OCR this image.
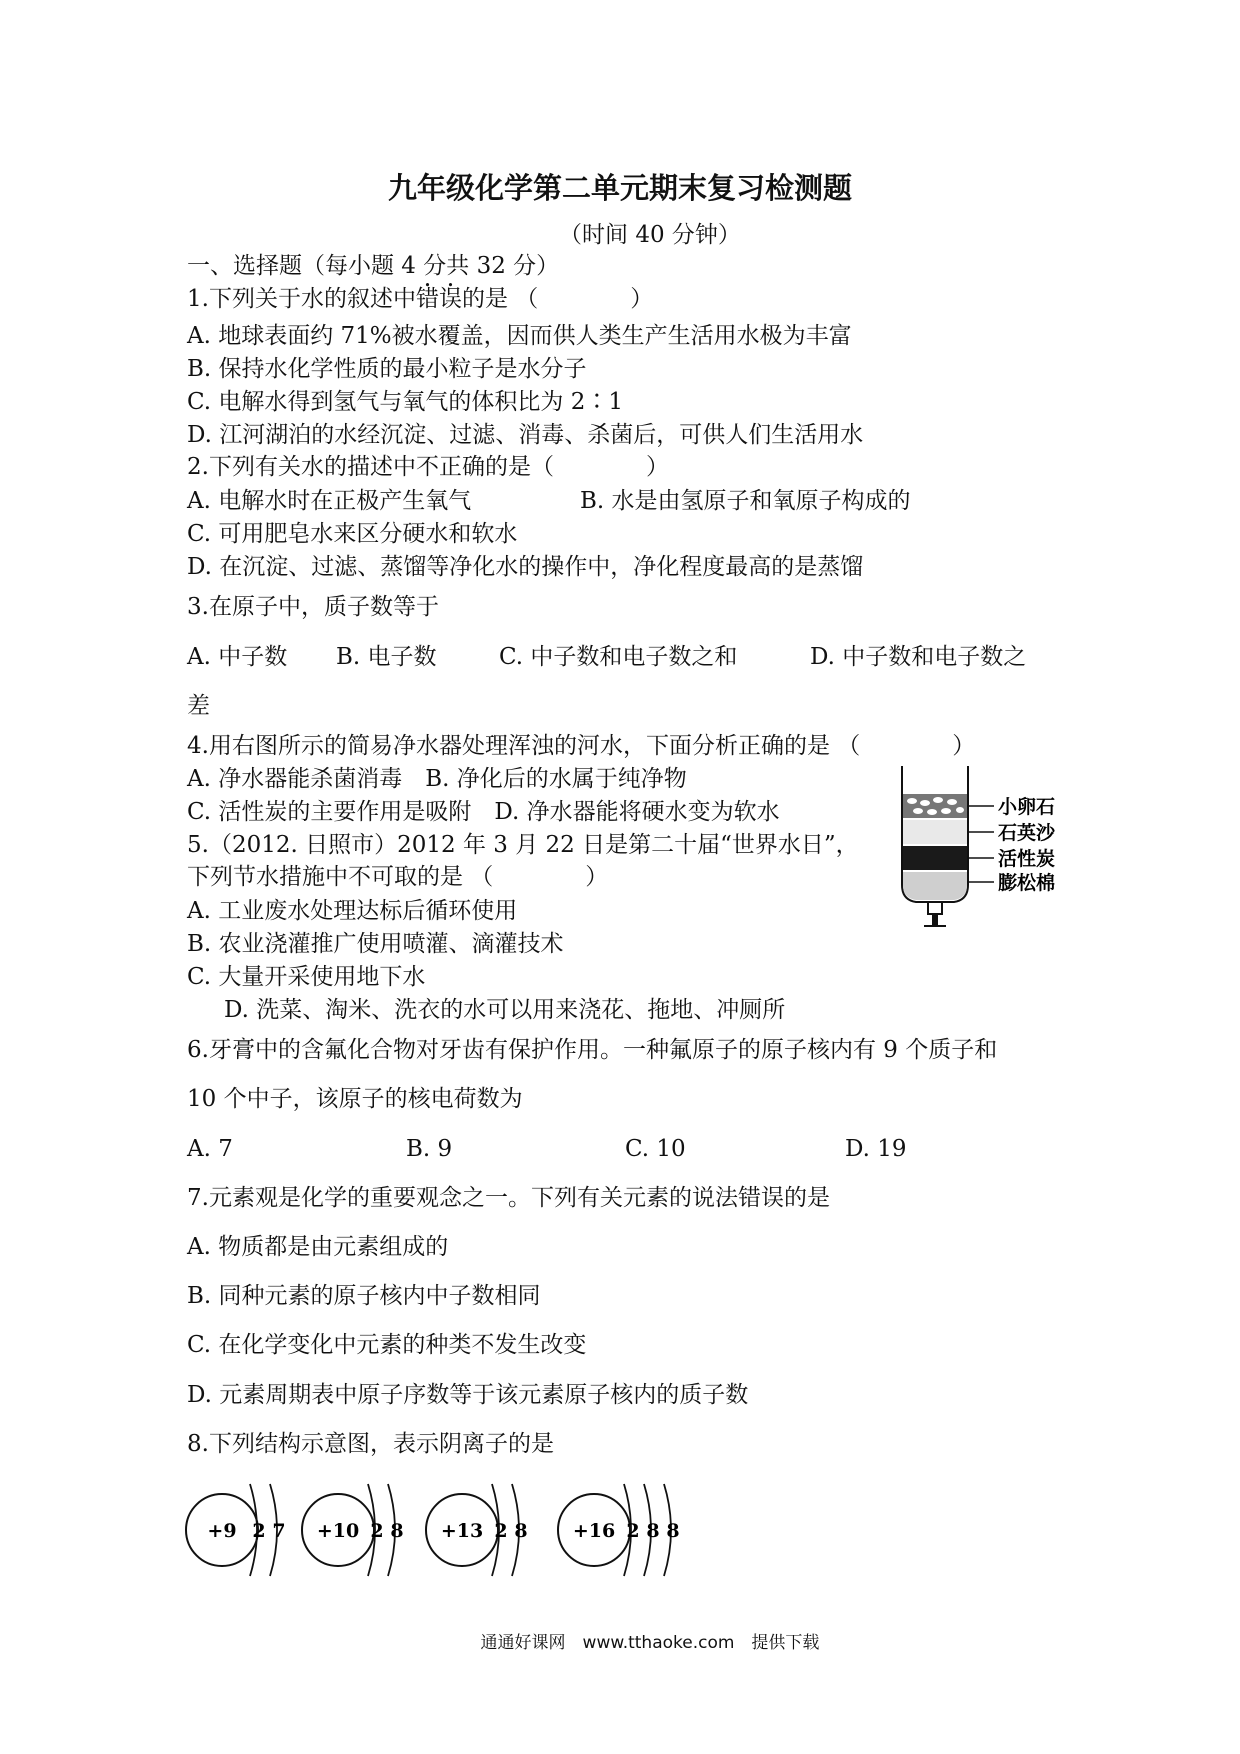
九年级化学第二单元期末复习检测题
（时间 40 分钟）
一、选择题（每小题 4 分共 32 分）
1.下列关于水的叙述中错误的是 （　　　　）
A. 地球表面约 71%被水覆盖，因而供人类生产生活用水极为丰富
B. 保持水化学性质的最小粒子是水分子
C. 电解水得到氢气与氧气的体积比为 2∶1
D. 江河湖泊的水经沉淀、过滤、消毒、杀菌后，可供人们生活用水
2.下列有关水的描述中不正确的是（　　　　）
A. 电解水时在正极产生氧气	B. 水是由氢原子和氧原子构成的
C. 可用肥皂水来区分硬水和软水
D. 在沉淀、过滤、蒸馏等净化水的操作中，净化程度最高的是蒸馏
3.在原子中，质子数等于
A. 中子数 B. 电子数	C. 中子数和电子数之和	D. 中子数和电子数之
差
4.用右图所示的简易净水器处理浑浊的河水，下面分析正确的是 （　　　　）
A. 净水器能杀菌消毒　B. 净化后的水属于纯净物
C. 活性炭的主要作用是吸附　D. 净水器能将硬水变为软水
5.（2012. 日照市）2012 年 3 月 22 日是第二十届“世界水日”，
下列节水措施中不可取的是 （　　　　）
A. 工业废水处理达标后循环使用
B. 农业浇灌推广使用喷灌、滴灌技术
C. 大量开采使用地下水
D. 洗菜、淘米、洗衣的水可以用来浇花、拖地、冲厕所
小卵石
石英沙
活性炭
膨松棉
6.牙膏中的含氟化合物对牙齿有保护作用。一种氟原子的原子核内有 9 个质子和
10 个中子，该原子的核电荷数为
A. 7	B. 9	C. 10	D. 19
7.元素观是化学的重要观念之一。下列有关元素的说法错误的是
A. 物质都是由元素组成的
B. 同种元素的原子核内中子数相同
C. 在化学变化中元素的种类不发生改变
D. 元素周期表中原子序数等于该元素原子核内的质子数
8.下列结构示意图，表示阴离子的是
+9 2 7 +10 2 8 +13 2 8 +16 2 8 8
通通好课网　www.tthaoke.com　提供下载
